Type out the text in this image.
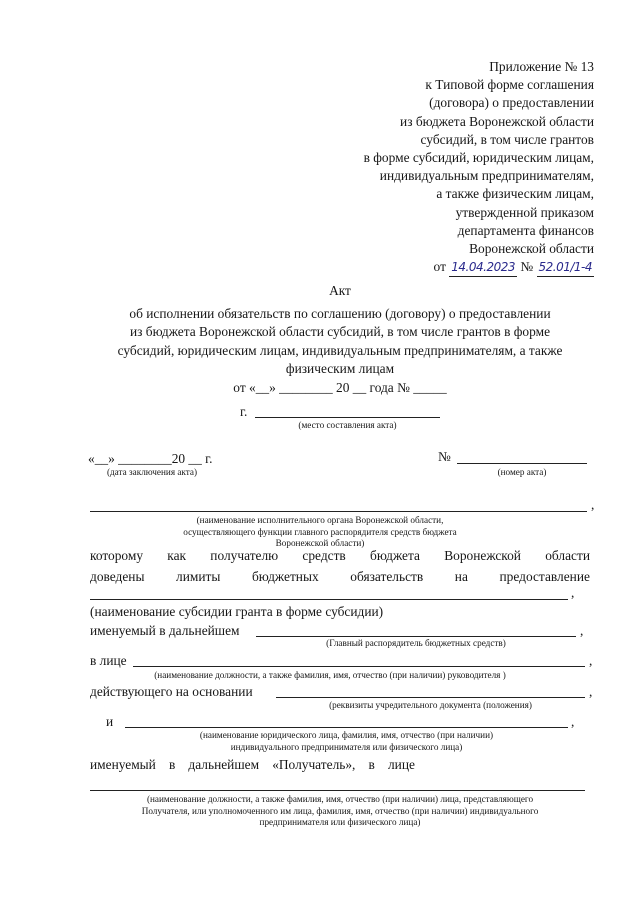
Приложение № 13
к Типовой форме соглашения
(договора) о предоставлении
из бюджета Воронежской области
субсидий, в том числе грантов
в форме субсидий, юридическим лицам,
индивидуальным предпринимателям,
а также физическим лицам,
утвержденной приказом
департамента финансов
Воронежской области
от 14.04.2023 № 52.01/1-4
Акт
об исполнении обязательств по соглашению (договору) о предоставлении
из бюджета Воронежской области субсидий, в том числе грантов в форме
субсидий, юридическим лицам, индивидуальным предпринимателям, а также
физическим лицам
от «__» ________ 20 __ года № _____
г.
(место составления акта)
«__» ________20 __ г.
(дата заключения акта)
№
(номер акта)
,
(наименование исполнительного органа Воронежской области,
осуществляющего функции главного распорядителя средств бюджета
Воронежской области)
которому как получателю средств бюджета Воронежской области
доведены лимиты бюджетных обязательств на предоставление
,
(наименование субсидии гранта в форме субсидии)
именуемый в дальнейшем	,
(Главный распорядитель бюджетных средств)
в лице	,
(наименование должности, а также фамилия, имя, отчество (при наличии) руководителя )
действующего на основании	,
(реквизиты учредительного документа (положения)
и	,
(наименование юридического лица, фамилия, имя, отчество (при наличии)
индивидуального предпринимателя или физического лица)
именуемый в дальнейшем «Получатель», в лице
(наименование должности, а также фамилия, имя, отчество (при наличии) лица, представляющего
Получателя, или уполномоченного им лица, фамилия, имя, отчество (при наличии) индивидуального
предпринимателя или физического лица)
